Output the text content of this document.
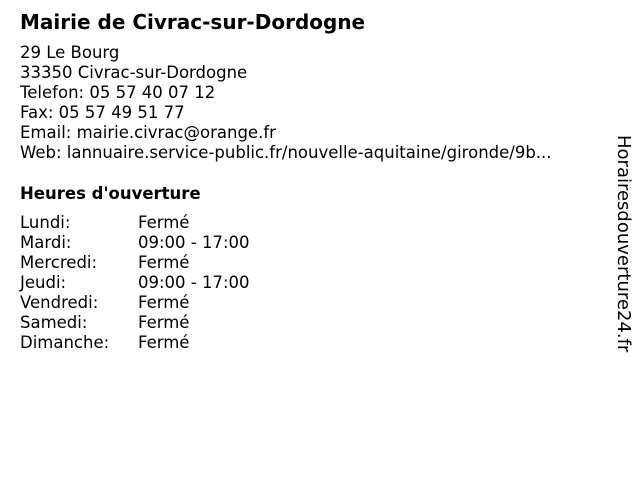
Mairie de Civrac-sur-Dordogne
29 Le Bourg
33350 Civrac-sur-Dordogne
Telefon: 05 57 40 07 12
Fax: 05 57 49 51 77
Email: mairie.civrac@orange.fr
Web: lannuaire.service-public.fr/nouvelle-aquitaine/gironde/9b...
Heures d'ouverture
Lundi:	Fermé
Mardi:	09:00 - 17:00
Mercredi:	Fermé
Jeudi:	09:00 - 17:00
Vendredi:	Fermé
Samedi:	Fermé
Dimanche:	Fermé	Horairesdouverture24.fr
